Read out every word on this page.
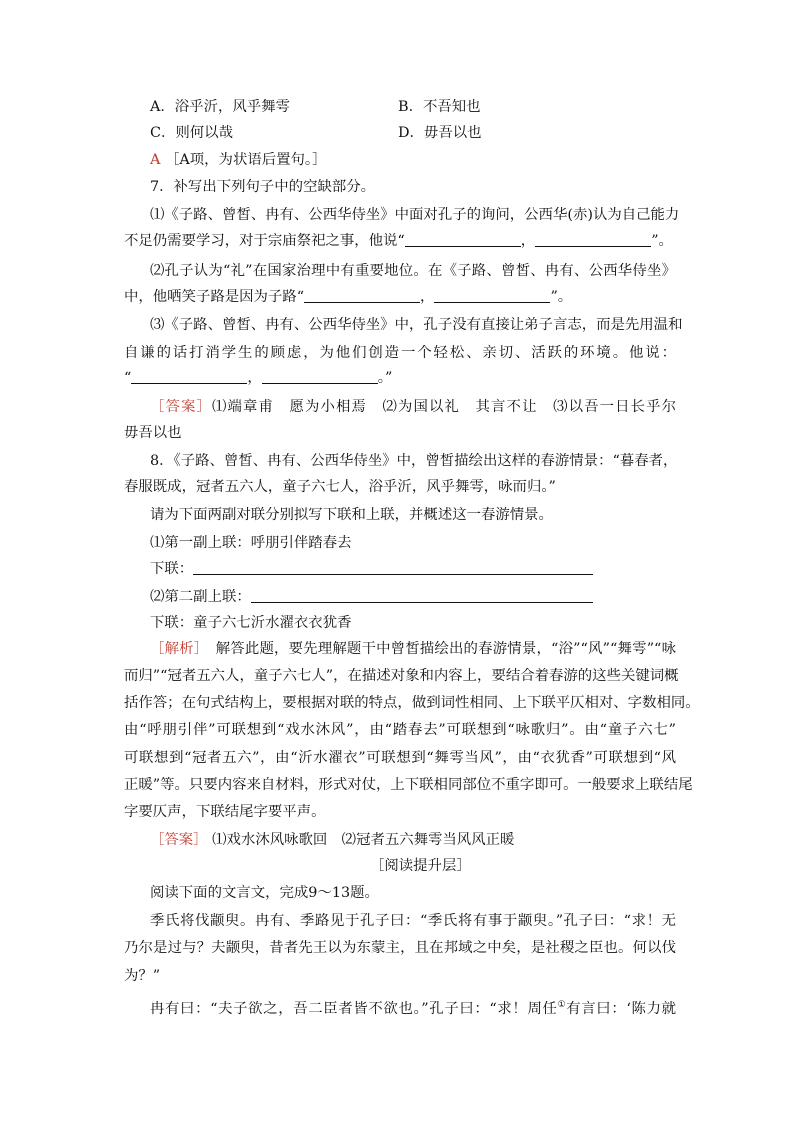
A．浴乎沂，风乎舞雩	B．不吾知也
C．则何以哉	D．毋吾以也
A ［A项，为状语后置句。］
7．补写出下列句子中的空缺部分。
⑴《子路、曾皙、冉有、公西华侍坐》中面对孔子的询问，公西华(赤)认为自己能力
不足仍需要学习，对于宗庙祭祀之事，他说“	，	”。
⑵孔子认为“礼”在国家治理中有重要地位。在《子路、曾皙、冉有、公西华侍坐》
中，他哂笑子路是因为子路“	，	”。
⑶《子路、曾皙、冉有、公西华侍坐》中，孔子没有直接让弟子言志，而是先用温和
自谦的话打消学生的顾虑，为他们创造一个轻松、亲切、活跃的环境。他说：
“	，	。”
［答案］⑴端章甫　愿为小相焉　⑵为国以礼　其言不让　⑶以吾一日长乎尔
毋吾以也
8．《子路、曾皙、冉有、公西华侍坐》中，曾皙描绘出这样的春游情景：“暮春者，
春服既成，冠者五六人，童子六七人，浴乎沂，风乎舞雩，咏而归。”
请为下面两副对联分别拟写下联和上联，并概述这一春游情景。
⑴第一副上联：呼朋引伴踏春去
下联：
⑵第二副上联：
下联：童子六七沂水濯衣衣犹香
［解析］　解答此题，要先理解题干中曾皙描绘出的春游情景，“浴”“风”“舞雩”“咏
而归”“冠者五六人，童子六七人”，在描述对象和内容上，要结合着春游的这些关键词概
括作答；在句式结构上，要根据对联的特点，做到词性相同、上下联平仄相对、字数相同。
由“呼朋引伴”可联想到“戏水沐风”，由“踏春去”可联想到“咏歌归”。由“童子六七”
可联想到“冠者五六”，由“沂水濯衣”可联想到“舞雩当风”，由“衣犹香”可联想到“风
正暖”等。只要内容来自材料，形式对仗，上下联相同部位不重字即可。一般要求上联结尾
字要仄声，下联结尾字要平声。
［答案］ ⑴戏水沐风咏歌回　⑵冠者五六舞雩当风风正暖
［阅读提升层］
阅读下面的文言文，完成9～13题。
季氏将伐颛臾。冉有、季路见于孔子曰：“季氏将有事于颛臾。”孔子曰：“求！无
乃尔是过与？夫颛臾，昔者先王以为东蒙主，且在邦域之中矣，是社稷之臣也。何以伐
为？”
冉有曰：“夫子欲之，吾二臣者皆不欲也。”孔子曰：“求！周任①有言曰：‘陈力就
